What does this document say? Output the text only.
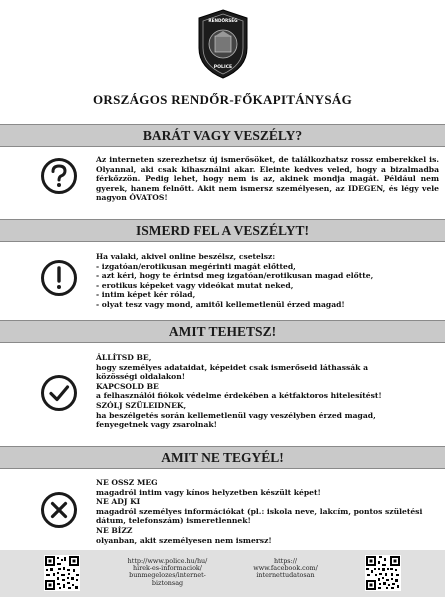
RENDŐRSÉG
POLICE
ORSZÁGOS RENDŐR-FŐKAPITÁNYSÁG
BARÁT VAGY VESZÉLY?
Az interneten szerezhetsz új ismerősöket, de találkozhatsz rossz emberekkel is. Olyannal, aki csak kihasználni akar. Eleinte kedves veled, hogy a bizalmadba férkőzzön. Pedig lehet, hogy nem is az, akinek mondja magát. Például nem gyerek, hanem felnőtt. Akit nem ismersz személyesen, az IDEGEN, és légy vele nagyon ÓVATOS!
ISMERD FEL A VESZÉLYT!
Ha valaki, akivel online beszélsz, csetelsz:
- izgatóan/erotikusan megérinti magát előtted,
- azt kéri, hogy te érintsd meg izgatóan/erotikusan magad előtte,
- erotikus képeket vagy videókat mutat neked,
- intim képet kér rólad,
- olyat tesz vagy mond, amitől kellemetlenül érzed magad!
AMIT TEHETSZ!
ÁLLÍTSD BE,
hogy személyes adataidat, képeidet csak ismerőseid láthassák a
közösségi oldalakon!
KAPCSOLD BE
a felhasználói fiókok védelme érdekében a kétfaktoros hitelesítést!
SZÓLJ SZÜLEIDNEK,
ha beszélgetés során kellemetlenül vagy veszélyben érzed magad,
fenyegetnek vagy zsarolnak!
AMIT NE TEGYÉL!
NE OSSZ MEG
magadról intim vagy kínos helyzetben készült képet!
NE ADJ KI
magadról személyes információkat (pl.: iskola neve, lakcím, pontos születési
dátum, telefonszám) ismeretlennek!
NE BÍZZ
olyanban, akit személyesen nem ismersz!
http://www.police.hu/hu/
hirek-es-informaciok/
bunmegelozes/internet-
biztonsag
https://
www.facebook.com/
internettudatosan
